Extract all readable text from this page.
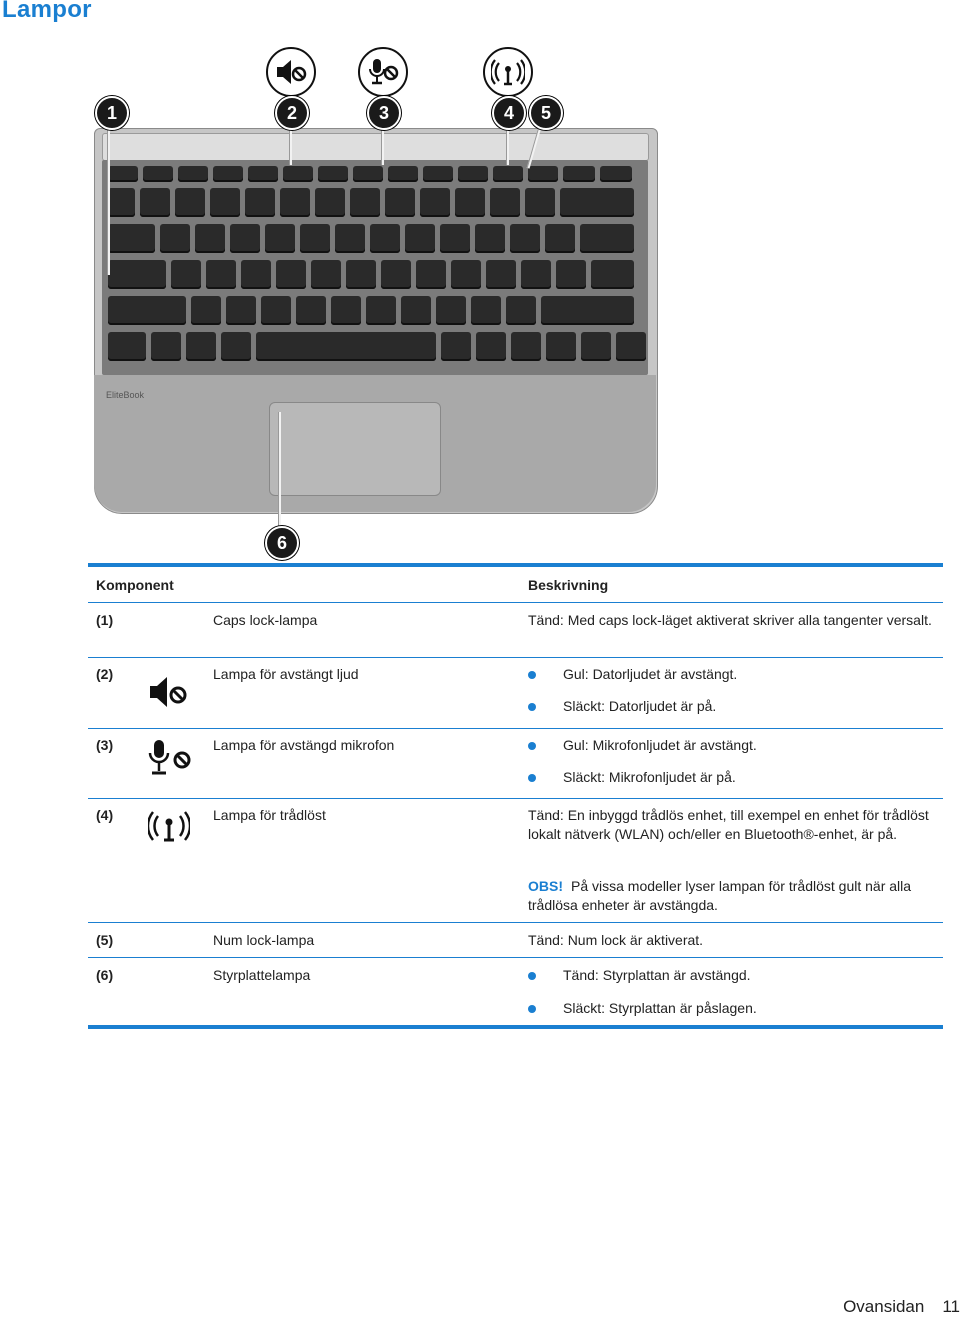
Lampor
EliteBook
1	2	3	4	5
6
Komponent	Beskrivning
(1)	Caps lock-lampa	Tänd: Med caps lock-läget aktiverat skriver alla tangenter versalt.
(2)	Lampa för avstängt ljud	Gul: Datorljudet är avstängt.
Släckt: Datorljudet är på.
(3)	Lampa för avstängd mikrofon	Gul: Mikrofonljudet är avstängt.
Släckt: Mikrofonljudet är på.
(4)	Lampa för trådlöst	Tänd: En inbyggd trådlös enhet, till exempel en enhet för trådlöst lokalt nätverk (WLAN) och/eller en Bluetooth®-enhet, är på.
OBS! På vissa modeller lyser lampan för trådlöst gult när alla trådlösa enheter är avstängda.
(5)	Num lock-lampa	Tänd: Num lock är aktiverat.
(6)	Styrplattelampa	Tänd: Styrplattan är avstängd.
Släckt: Styrplattan är påslagen.
Ovansidan 11
